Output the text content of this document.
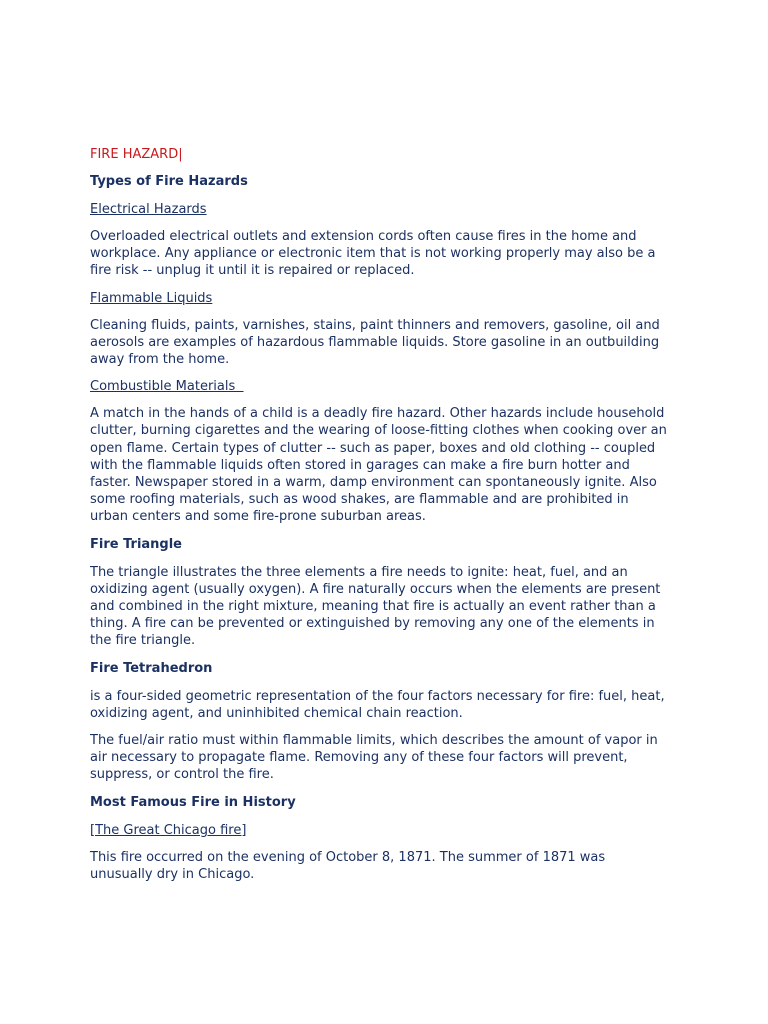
FIRE HAZARD|
Types of Fire Hazards
Electrical Hazards
Overloaded electrical outlets and extension cords often cause fires in the home and
workplace. Any appliance or electronic item that is not working properly may also be a
fire risk -- unplug it until it is repaired or replaced.
Flammable Liquids
Cleaning fluids, paints, varnishes, stains, paint thinners and removers, gasoline, oil and
aerosols are examples of hazardous flammable liquids. Store gasoline in an outbuilding
away from the home.
Combustible Materials
A match in the hands of a child is a deadly fire hazard. Other hazards include household
clutter, burning cigarettes and the wearing of loose-fitting clothes when cooking over an
open flame. Certain types of clutter -- such as paper, boxes and old clothing -- coupled
with the flammable liquids often stored in garages can make a fire burn hotter and
faster. Newspaper stored in a warm, damp environment can spontaneously ignite. Also
some roofing materials, such as wood shakes, are flammable and are prohibited in
urban centers and some fire-prone suburban areas.
Fire Triangle
The triangle illustrates the three elements a fire needs to ignite: heat, fuel, and an
oxidizing agent (usually oxygen). A fire naturally occurs when the elements are present
and combined in the right mixture, meaning that fire is actually an event rather than a
thing. A fire can be prevented or extinguished by removing any one of the elements in
the fire triangle.
Fire Tetrahedron
is a four-sided geometric representation of the four factors necessary for fire: fuel, heat,
oxidizing agent, and uninhibited chemical chain reaction.
The fuel/air ratio must within flammable limits, which describes the amount of vapor in
air necessary to propagate flame. Removing any of these four factors will prevent,
suppress, or control the fire.
Most Famous Fire in History
[The Great Chicago fire]
This fire occurred on the evening of October 8, 1871. The summer of 1871 was
unusually dry in Chicago.
